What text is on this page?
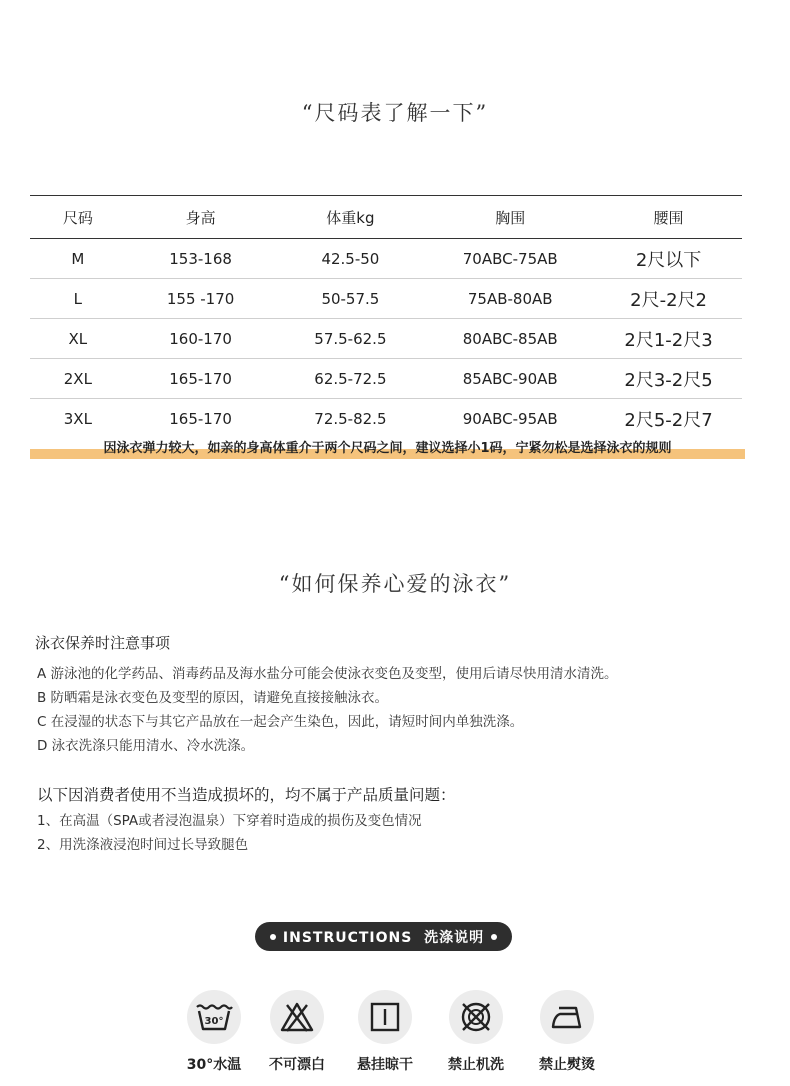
“尺码表了解一下”
尺码	身高	体重kg	胸围	腰围
M	153-168	42.5-50	70ABC-75AB	2尺以下
L	155 -170	50-57.5	75AB-80AB	2尺-2尺2
XL	160-170	57.5-62.5	80ABC-85AB	2尺1-2尺3
2XL	165-170	62.5-72.5	85ABC-90AB	2尺3-2尺5
3XL	165-170	72.5-82.5	90ABC-95AB	2尺5-2尺7
因泳衣弹力较大，如亲的身高体重介于两个尺码之间，建议选择小1码，宁紧勿松是选择泳衣的规则
“如何保养心爱的泳衣”
泳衣保养时注意事项
A 游泳池的化学药品、消毒药品及海水盐分可能会使泳衣变色及变型，使用后请尽快用清水清洗。
B 防晒霜是泳衣变色及变型的原因，请避免直接接触泳衣。
C 在浸湿的状态下与其它产品放在一起会产生染色，因此，请短时间内单独洗涤。
D 泳衣洗涤只能用清水、冷水洗涤。
以下因消费者使用不当造成损坏的，均不属于产品质量问题：
1、在高温（SPA或者浸泡温泉）下穿着时造成的损伤及变色情况
2、用洗涤液浸泡时间过长导致腿色
INSTRUCTIONS  洗涤说明
30°
30°水温	不可漂白	悬挂晾干	禁止机洗	禁止熨烫
